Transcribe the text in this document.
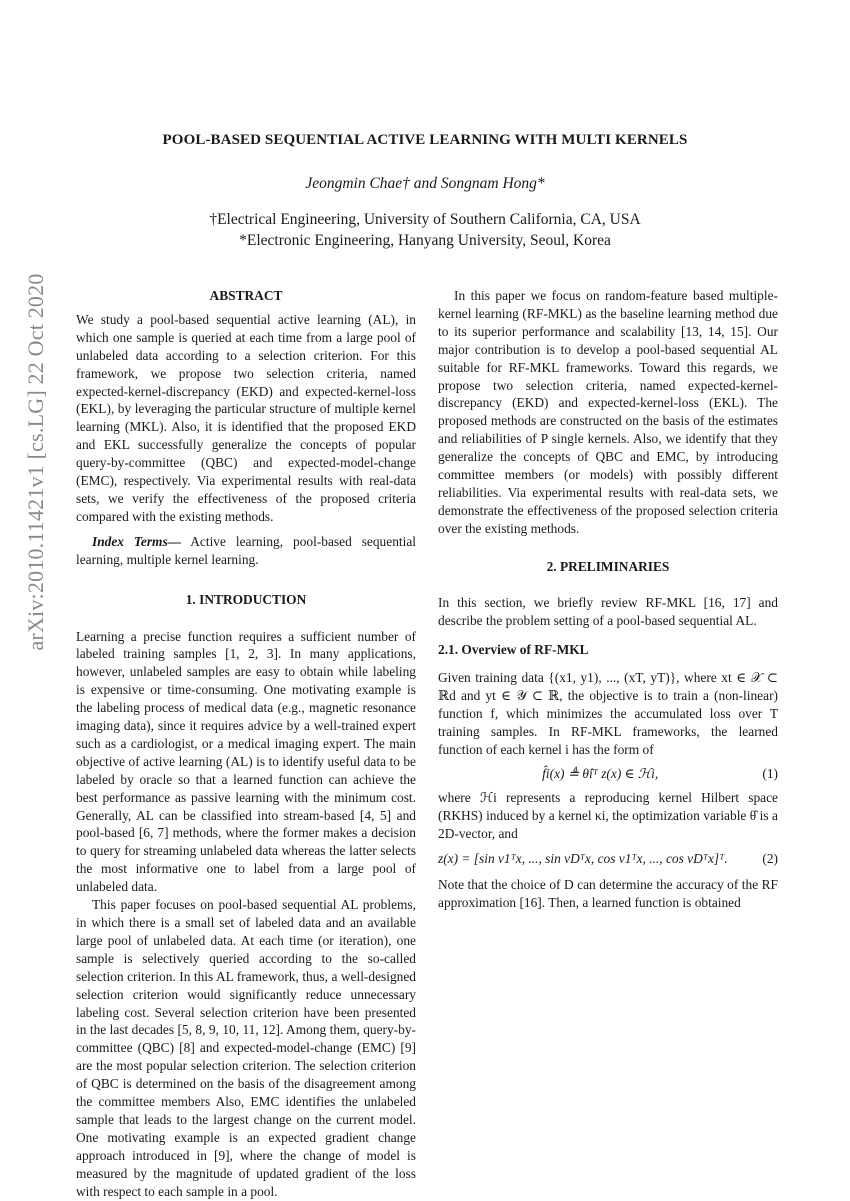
arXiv:2010.11421v1 [cs.LG] 22 Oct 2020
POOL-BASED SEQUENTIAL ACTIVE LEARNING WITH MULTI KERNELS
Jeongmin Chae† and Songnam Hong*
†Electrical Engineering, University of Southern California, CA, USA
*Electronic Engineering, Hanyang University, Seoul, Korea

ABSTRACT

We study a pool-based sequential active learning (AL), in which one sample is queried at each time from a large pool of unlabeled data according to a selection criterion. For this framework, we propose two selection criteria, named expected-kernel-discrepancy (EKD) and expected-kernel-loss (EKL), by leveraging the particular structure of multiple kernel learning (MKL). Also, it is identified that the proposed EKD and EKL successfully generalize the concepts of popular query-by-committee (QBC) and expected-model-change (EMC), respectively. Via experimental results with real-data sets, we verify the effectiveness of the proposed criteria compared with the existing methods.

Index Terms— Active learning, pool-based sequential learning, multiple kernel learning.

1. INTRODUCTION

Learning a precise function requires a sufficient number of labeled training samples [1, 2, 3]. In many applications, however, unlabeled samples are easy to obtain while labeling is expensive or time-consuming. One motivating example is the labeling process of medical data (e.g., magnetic resonance imaging data), since it requires advice by a well-trained expert such as a cardiologist, or a medical imaging expert. The main objective of active learning (AL) is to identify useful data to be labeled by oracle so that a learned function can achieve the best performance as passive learning with the minimum cost. Generally, AL can be classified into stream-based [4, 5] and pool-based [6, 7] methods, where the former makes a decision to query for streaming unlabeled data whereas the latter selects the most informative one to label from a large pool of unlabeled data.

This paper focuses on pool-based sequential AL problems, in which there is a small set of labeled data and an available large pool of unlabeled data. At each time (or iteration), one sample is selectively queried according to the so-called selection criterion. In this AL framework, thus, a well-designed selection criterion would significantly reduce unnecessary labeling cost. Several selection criterion have been presented in the last decades [5, 8, 9, 10, 11, 12]. Among them, query-by-committee (QBC) [8] and expected-model-change (EMC) [9] are the most popular selection criterion. The selection criterion of QBC is determined on the basis of the disagreement among the committee members Also, EMC identifies the unlabeled sample that leads to the largest change on the current model. One motivating example is an expected gradient change approach introduced in [9], where the change of model is measured by the magnitude of updated gradient of the loss with respect to each sample in a pool.

In this paper we focus on random-feature based multiple-kernel learning (RF-MKL) as the baseline learning method due to its superior performance and scalability [13, 14, 15]. Our major contribution is to develop a pool-based sequential AL suitable for RF-MKL frameworks. Toward this regards, we propose two selection criteria, named expected-kernel-discrepancy (EKD) and expected-kernel-loss (EKL). The proposed methods are constructed on the basis of the estimates and reliabilities of P single kernels. Also, we identify that they generalize the concepts of QBC and EMC, by introducing committee members (or models) with possibly different reliabilities. Via experimental results with real-data sets, we demonstrate the effectiveness of the proposed selection criteria over the existing methods.

2. PRELIMINARIES

In this section, we briefly review RF-MKL [16, 17] and describe the problem setting of a pool-based sequential AL.

2.1. Overview of RF-MKL

Given training data {(x1, y1), ..., (xT, yT)}, where xt ∈ 𝒳 ⊂ ℝd and yt ∈ 𝒴 ⊂ ℝ, the objective is to train a (non-linear) function f, which minimizes the accumulated loss over T training samples. In RF-MKL frameworks, the learned function of each kernel i has the form of

f̂i(x) ≜ θ̂iᵀ z(x) ∈ ℋi,	(1)

where ℋi represents a reproducing kernel Hilbert space (RKHS) induced by a kernel κi, the optimization variable θ̂ is a 2D-vector, and

z(x) = [sin v1ᵀx, ..., sin vDᵀx, cos v1ᵀx, ..., cos vDᵀx]ᵀ.	(2)

Note that the choice of D can determine the accuracy of the RF approximation [16]. Then, a learned function is obtained
